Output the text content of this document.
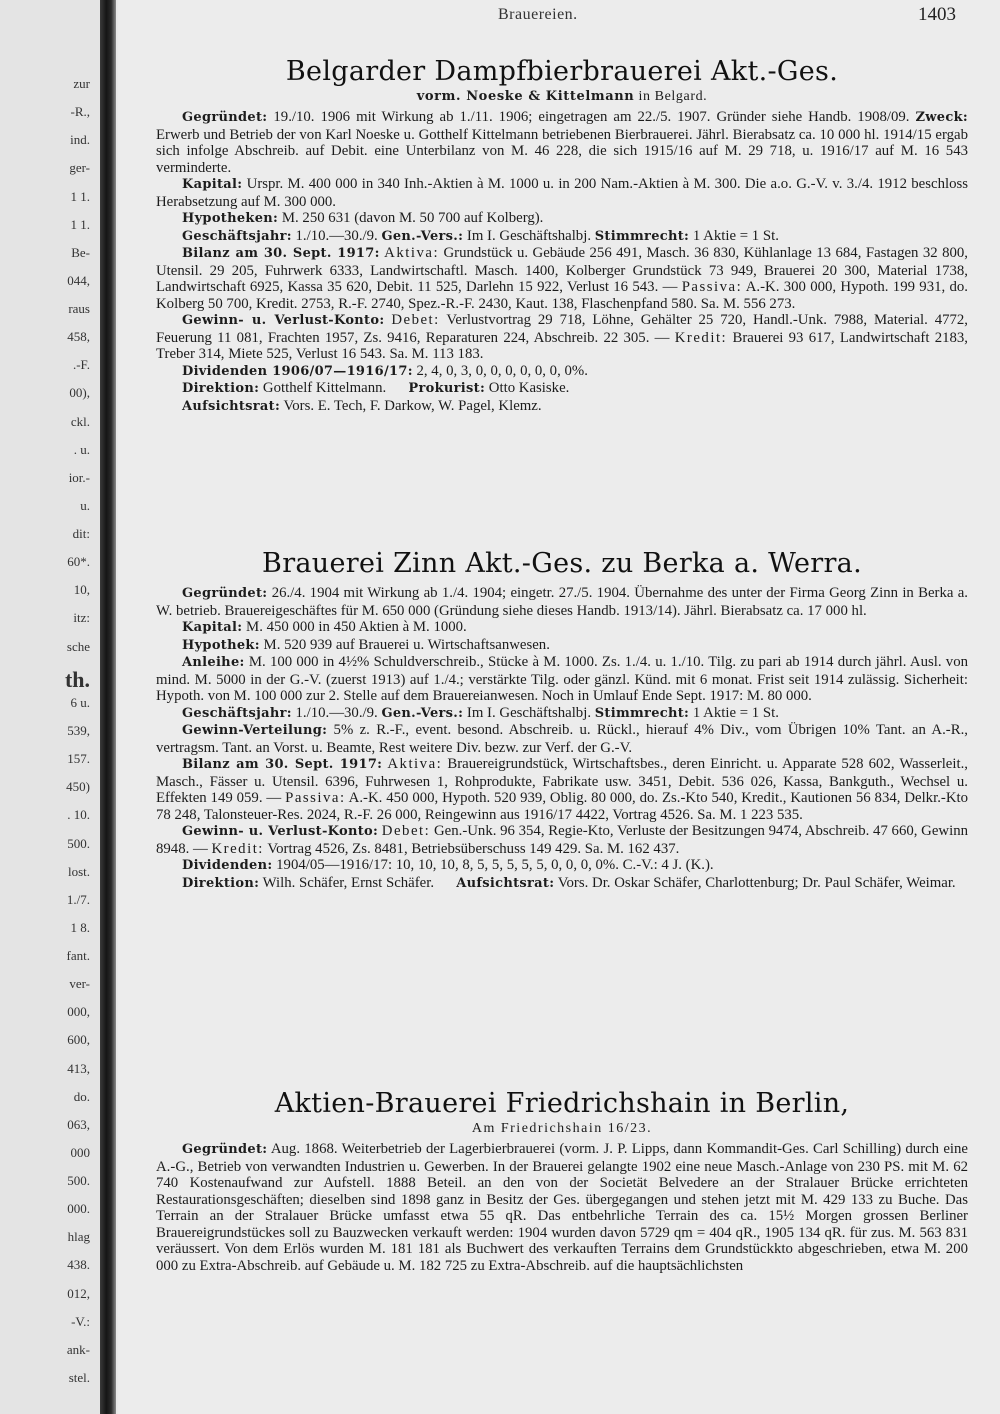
zur
-R.,
ind.
ger-
1 1.
1 1.
Be-
044,
raus
458,
.-F.
00),
ckl.
. u.
ior.-
u.
dit:
60*.
10,
itz:
sche
th.
6 u.
539,
157.
450)
. 10.
500.
lost.
1./7.
1 8.
fant.
ver-
000,
600,
413,
do.
063,
000
500.
000.
hlag
438.
012,
-V.:
ank-
stel.
Brauereien.	1403
Belgarder Dampfbierbrauerei Akt.-Ges.
vorm. Noeske & Kittelmann in Belgard.

Gegründet: 19./10. 1906 mit Wirkung ab 1./11. 1906; eingetragen am 22./5. 1907. Gründer siehe Handb. 1908/09. Zweck: Erwerb und Betrieb der von Karl Noeske u. Gotthelf Kittelmann betriebenen Bierbrauerei. Jährl. Bierabsatz ca. 10 000 hl. 1914/15 ergab sich infolge Abschreib. auf Debit. eine Unterbilanz von M. 46 228, die sich 1915/16 auf M. 29 718, u. 1916/17 auf M. 16 543 verminderte.

Kapital: Urspr. M. 400 000 in 340 Inh.-Aktien à M. 1000 u. in 200 Nam.-Aktien à M. 300. Die a.o. G.-V. v. 3./4. 1912 beschloss Herabsetzung auf M. 300 000.

Hypotheken: M. 250 631 (davon M. 50 700 auf Kolberg).

Geschäftsjahr: 1./10.—30./9. Gen.-Vers.: Im I. Geschäftshalbj. Stimmrecht: 1 Aktie = 1 St.

Bilanz am 30. Sept. 1917: Aktiva: Grundstück u. Gebäude 256 491, Masch. 36 830, Kühlanlage 13 684, Fastagen 32 800, Utensil. 29 205, Fuhrwerk 6333, Landwirtschaftl. Masch. 1400, Kolberger Grundstück 73 949, Brauerei 20 300, Material 1738, Landwirtschaft 6925, Kassa 35 620, Debit. 11 525, Darlehn 15 922, Verlust 16 543. — Passiva: A.-K. 300 000, Hypoth. 199 931, do. Kolberg 50 700, Kredit. 2753, R.-F. 2740, Spez.-R.-F. 2430, Kaut. 138, Flaschenpfand 580. Sa. M. 556 273.

Gewinn- u. Verlust-Konto: Debet: Verlustvortrag 29 718, Löhne, Gehälter 25 720, Handl.-Unk. 7988, Material. 4772, Feuerung 11 081, Frachten 1957, Zs. 9416, Reparaturen 224, Abschreib. 22 305. — Kredit: Brauerei 93 617, Landwirtschaft 2183, Treber 314, Miete 525, Verlust 16 543. Sa. M. 113 183.

Dividenden 1906/07—1916/17: 2, 4, 0, 3, 0, 0, 0, 0, 0, 0, 0%.

Direktion: Gotthelf Kittelmann. Prokurist: Otto Kasiske.

Aufsichtsrat: Vors. E. Tech, F. Darkow, W. Pagel, Klemz.

Brauerei Zinn Akt.-Ges. zu Berka a. Werra.

Gegründet: 26./4. 1904 mit Wirkung ab 1./4. 1904; eingetr. 27./5. 1904. Übernahme des unter der Firma Georg Zinn in Berka a. W. betrieb. Brauereigeschäftes für M. 650 000 (Gründung siehe dieses Handb. 1913/14). Jährl. Bierabsatz ca. 17 000 hl.

Kapital: M. 450 000 in 450 Aktien à M. 1000.

Hypothek: M. 520 939 auf Brauerei u. Wirtschaftsanwesen.

Anleihe: M. 100 000 in 4½% Schuldverschreib., Stücke à M. 1000. Zs. 1./4. u. 1./10. Tilg. zu pari ab 1914 durch jährl. Ausl. von mind. M. 5000 in der G.-V. (zuerst 1913) auf 1./4.; verstärkte Tilg. oder gänzl. Künd. mit 6 monat. Frist seit 1914 zulässig. Sicherheit: Hypoth. von M. 100 000 zur 2. Stelle auf dem Brauereianwesen. Noch in Umlauf Ende Sept. 1917: M. 80 000.

Geschäftsjahr: 1./10.—30./9. Gen.-Vers.: Im I. Geschäftshalbj. Stimmrecht: 1 Aktie = 1 St.

Gewinn-Verteilung: 5% z. R.-F., event. besond. Abschreib. u. Rückl., hierauf 4% Div., vom Übrigen 10% Tant. an A.-R., vertragsm. Tant. an Vorst. u. Beamte, Rest weitere Div. bezw. zur Verf. der G.-V.

Bilanz am 30. Sept. 1917: Aktiva: Brauereigrundstück, Wirtschaftsbes., deren Einricht. u. Apparate 528 602, Wasserleit., Masch., Fässer u. Utensil. 6396, Fuhrwesen 1, Rohprodukte, Fabrikate usw. 3451, Debit. 536 026, Kassa, Bankguth., Wechsel u. Effekten 149 059. — Passiva: A.-K. 450 000, Hypoth. 520 939, Oblig. 80 000, do. Zs.-Kto 540, Kredit., Kautionen 56 834, Delkr.-Kto 78 248, Talonsteuer-Res. 2024, R.-F. 26 000, Reingewinn aus 1916/17 4422, Vortrag 4526. Sa. M. 1 223 535.

Gewinn- u. Verlust-Konto: Debet: Gen.-Unk. 96 354, Regie-Kto, Verluste der Besitzungen 9474, Abschreib. 47 660, Gewinn 8948. — Kredit: Vortrag 4526, Zs. 8481, Betriebsüberschuss 149 429. Sa. M. 162 437.

Dividenden: 1904/05—1916/17: 10, 10, 10, 8, 5, 5, 5, 5, 5, 0, 0, 0, 0%. C.-V.: 4 J. (K.).

Direktion: Wilh. Schäfer, Ernst Schäfer. Aufsichtsrat: Vors. Dr. Oskar Schäfer, Charlottenburg; Dr. Paul Schäfer, Weimar.

Aktien-Brauerei Friedrichshain in Berlin,
Am Friedrichshain 16/23.

Gegründet: Aug. 1868. Weiterbetrieb der Lagerbierbrauerei (vorm. J. P. Lipps, dann Kommandit-Ges. Carl Schilling) durch eine A.-G., Betrieb von verwandten Industrien u. Gewerben. In der Brauerei gelangte 1902 eine neue Masch.-Anlage von 230 PS. mit M. 62 740 Kostenaufwand zur Aufstell. 1888 Beteil. an den von der Societät Belvedere an der Stralauer Brücke errichteten Restaurationsgeschäften; dieselben sind 1898 ganz in Besitz der Ges. übergegangen und stehen jetzt mit M. 429 133 zu Buche. Das Terrain an der Stralauer Brücke umfasst etwa 55 qR. Das entbehrliche Terrain des ca. 15½ Morgen grossen Berliner Brauereigrundstückes soll zu Bauzwecken verkauft werden: 1904 wurden davon 5729 qm = 404 qR., 1905 134 qR. für zus. M. 563 831 veräussert. Von dem Erlös wurden M. 181 181 als Buchwert des verkauften Terrains dem Grundstückkto abgeschrieben, etwa M. 200 000 zu Extra-Abschreib. auf Gebäude u. M. 182 725 zu Extra-Abschreib. auf die hauptsächlichsten
